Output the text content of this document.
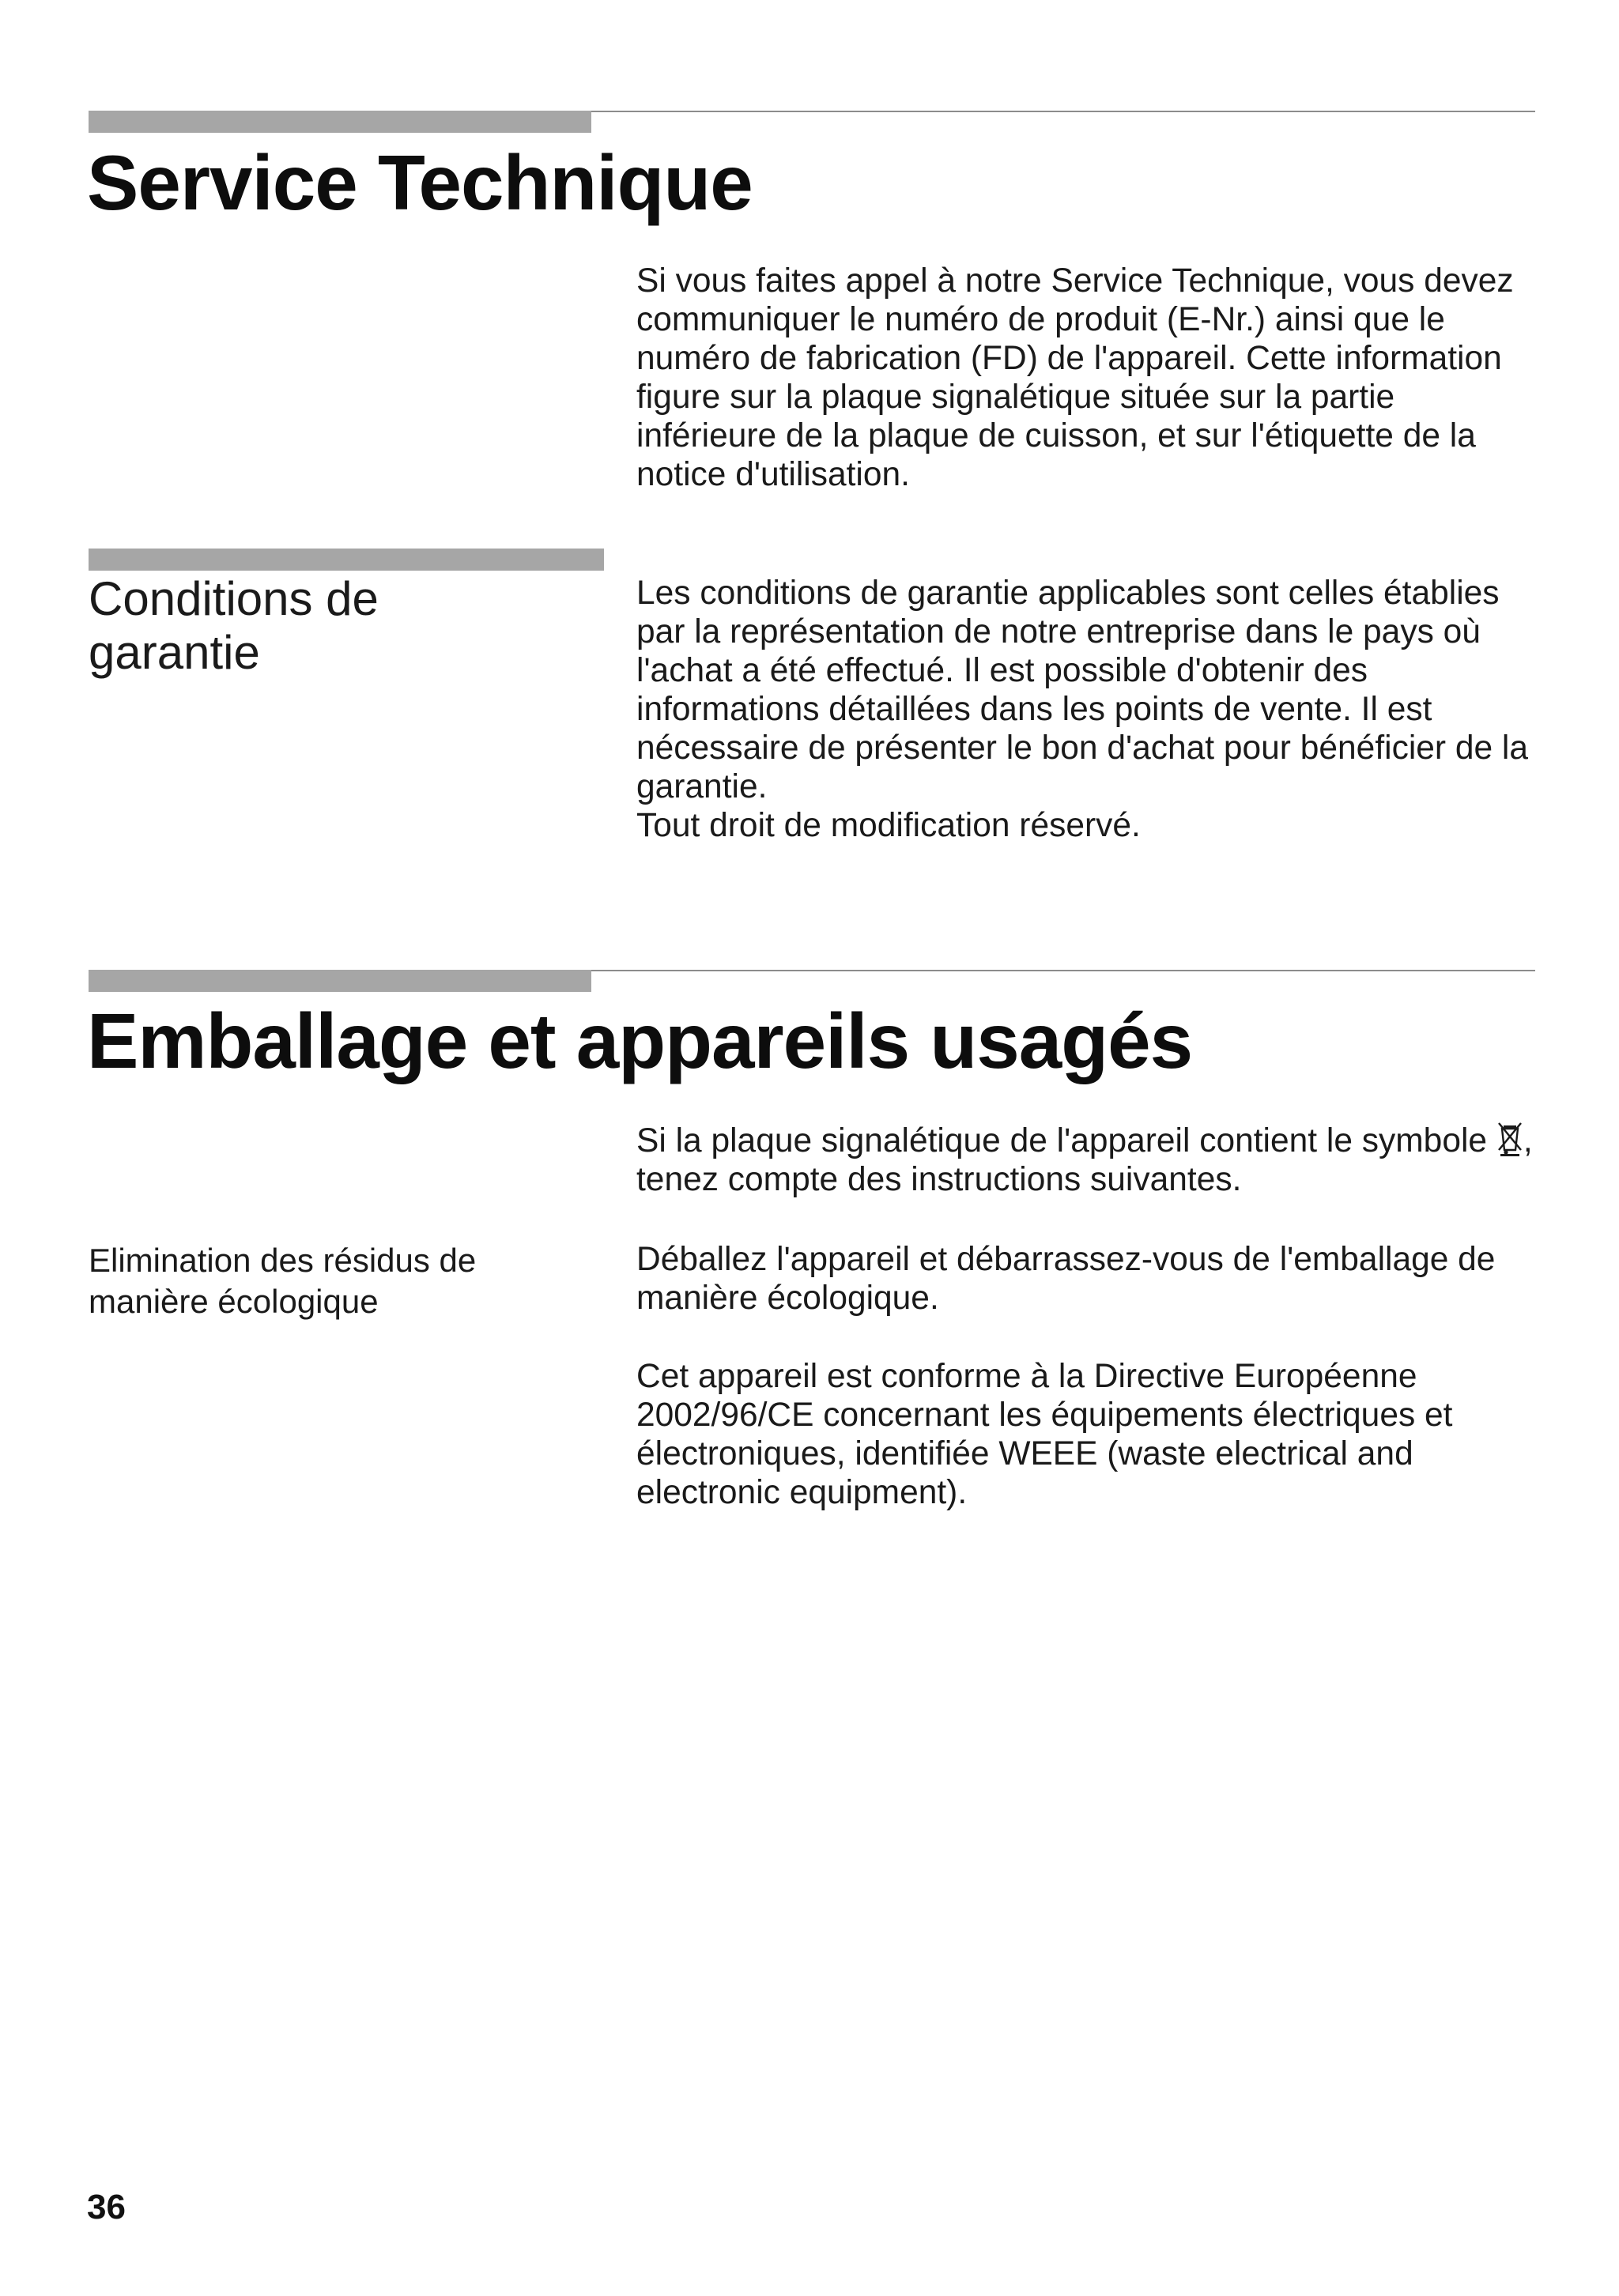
Service Technique

Si vous faites appel à notre Service Technique, vous devez communiquer le numéro de produit (E-Nr.) ainsi que le numéro de fabrication (FD) de l'appareil. Cette information figure sur la plaque signalétique située sur la partie inférieure de la plaque de cuisson, et sur l'étiquette de la notice d'utilisation.

Conditions de garantie

Les conditions de garantie applicables sont celles établies par la représentation de notre entreprise dans le pays où l'achat a été effectué. Il est possible d'obtenir des informations détaillées dans les points de vente. Il est nécessaire de présenter le bon d'achat pour bénéficier de la garantie.

Tout droit de modification réservé.

Emballage et appareils usagés

Si la plaque signalétique de l'appareil contient le symbole , tenez compte des instructions suivantes.

Elimination des résidus de manière écologique

Déballez l'appareil et débarrassez-vous de l'emballage de manière écologique.

Cet appareil est conforme à la Directive Européenne 2002/96/CE concernant les équipements électriques et électroniques, identifiée WEEE (waste electrical and electronic equipment).

36
